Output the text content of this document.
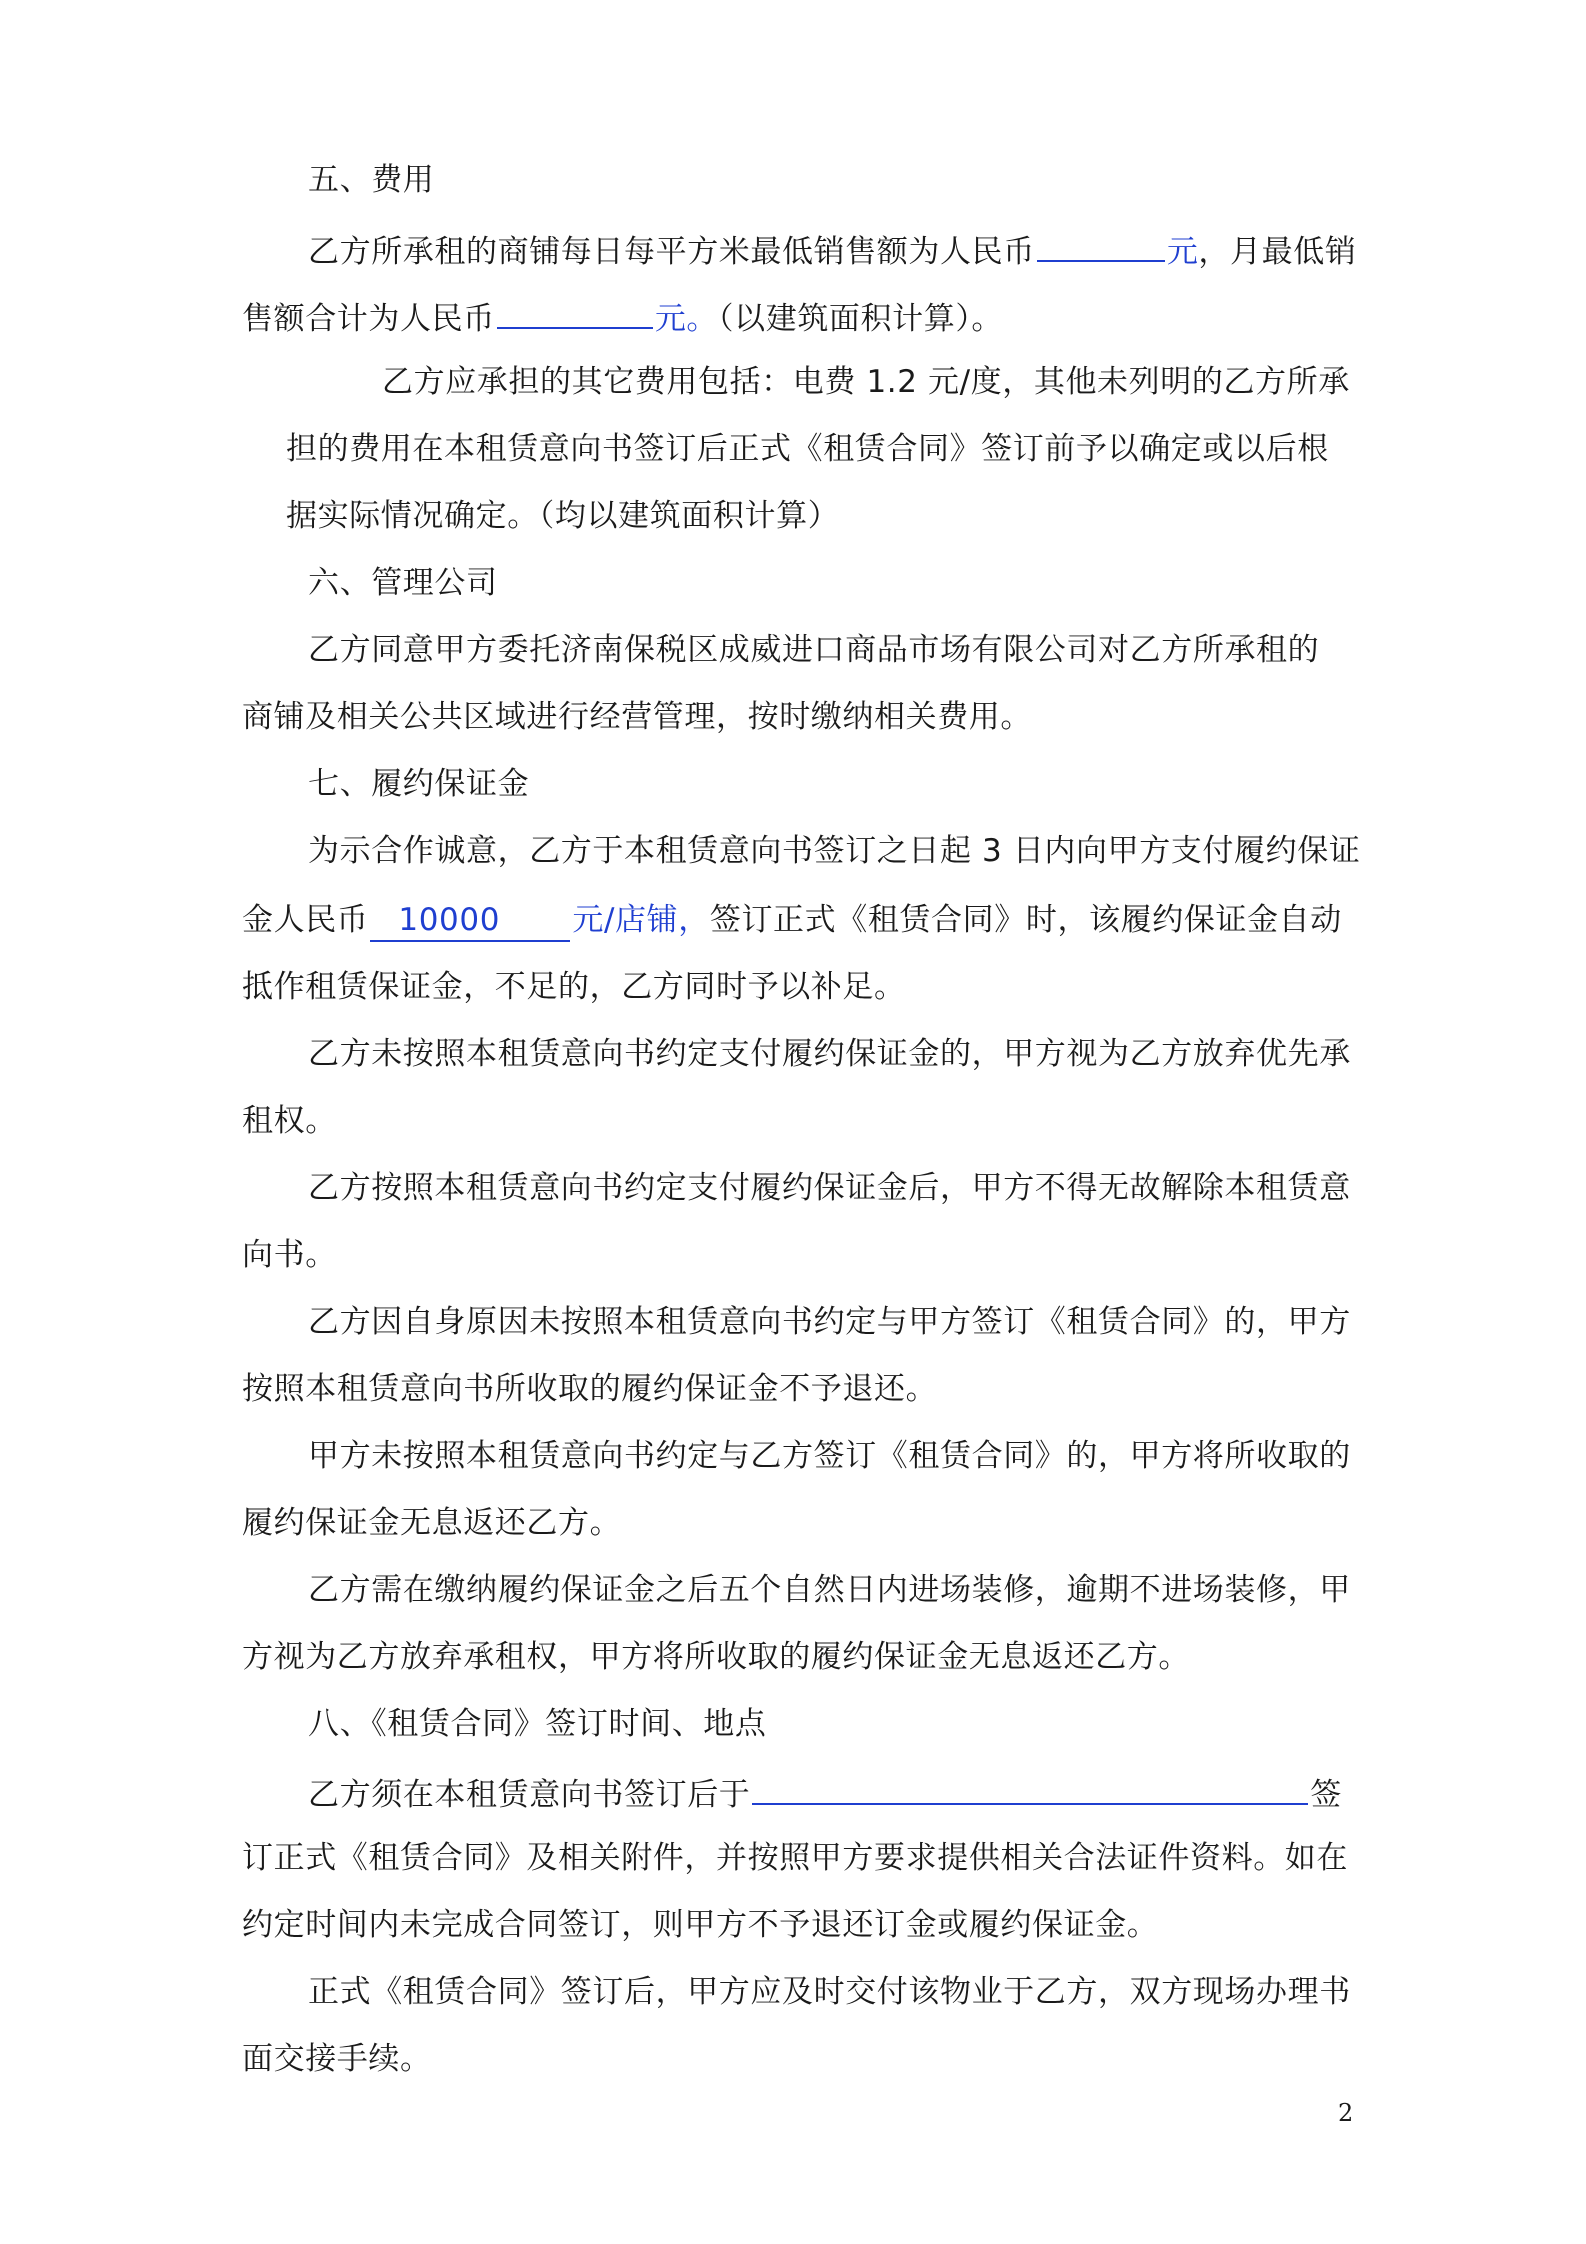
五、费用
乙方所承租的商铺每日每平方米最低销售额为人民币	元，月最低销
售额合计为人民币	元。（以建筑面积计算）。
乙方应承担的其它费用包括：电费 1.2 元/度，其他未列明的乙方所承
担的费用在本租赁意向书签订后正式《租赁合同》签订前予以确定或以后根
据实际情况确定。（均以建筑面积计算）
六、管理公司
乙方同意甲方委托济南保税区成威进口商品市场有限公司对乙方所承租的
商铺及相关公共区域进行经营管理，按时缴纳相关费用。
七、履约保证金
为示合作诚意，乙方于本租赁意向书签订之日起 3 日内向甲方支付履约保证
金人民币 10000 元/店铺，签订正式《租赁合同》时，该履约保证金自动
抵作租赁保证金，不足的，乙方同时予以补足。
乙方未按照本租赁意向书约定支付履约保证金的，甲方视为乙方放弃优先承
租权。
乙方按照本租赁意向书约定支付履约保证金后，甲方不得无故解除本租赁意
向书。
乙方因自身原因未按照本租赁意向书约定与甲方签订《租赁合同》的，甲方
按照本租赁意向书所收取的履约保证金不予退还。
甲方未按照本租赁意向书约定与乙方签订《租赁合同》的，甲方将所收取的
履约保证金无息返还乙方。
乙方需在缴纳履约保证金之后五个自然日内进场装修，逾期不进场装修，甲
方视为乙方放弃承租权，甲方将所收取的履约保证金无息返还乙方。
八、《租赁合同》签订时间、地点
乙方须在本租赁意向书签订后于	签
订正式《租赁合同》及相关附件，并按照甲方要求提供相关合法证件资料。如在
约定时间内未完成合同签订，则甲方不予退还订金或履约保证金。
正式《租赁合同》签订后，甲方应及时交付该物业于乙方，双方现场办理书
面交接手续。
2
